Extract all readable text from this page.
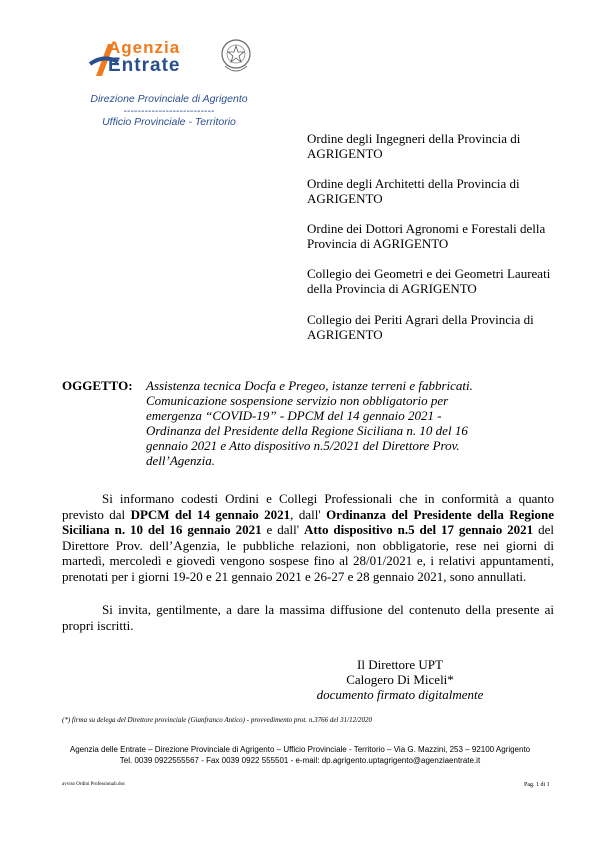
Agenzia
Entrate
Direzione Provinciale di Agrigento
--------------------------
Ufficio Provinciale - Territorio
Ordine degli Ingegneri della Provincia di AGRIGENTO
Ordine degli Architetti della Provincia di AGRIGENTO
Ordine dei Dottori Agronomi e Forestali della Provincia di AGRIGENTO
Collegio dei Geometri e dei Geometri Laureati della Provincia di AGRIGENTO
Collegio dei Periti Agrari della Provincia di AGRIGENTO
OGGETTO: Assistenza tecnica Docfa e Pregeo, istanze terreni e fabbricati. Comunicazione sospensione servizio non obbligatorio per emergenza “COVID-19” - DPCM del 14 gennaio 2021 - Ordinanza del Presidente della Regione Siciliana n. 10 del 16 gennaio 2021 e Atto dispositivo n.5/2021 del Direttore Prov. dell’Agenzia.

Si informano codesti Ordini e Collegi Professionali che in conformità a quanto previsto dal DPCM del 14 gennaio 2021, dall' Ordinanza del Presidente della Regione Siciliana n. 10 del 16 gennaio 2021 e dall' Atto dispositivo n.5 del 17 gennaio 2021 del Direttore Prov. dell’Agenzia, le pubbliche relazioni, non obbligatorie, rese nei giorni di martedì, mercoledì e giovedì vengono sospese fino al 28/01/2021 e, i relativi appuntamenti, prenotati per i giorni 19-20 e 21 gennaio 2021 e 26-27 e 28 gennaio 2021, sono annullati.

Si invita, gentilmente, a dare la massima diffusione del contenuto della presente ai propri iscritti.

Il Direttore UPT
Calogero Di Miceli*
documento firmato digitalmente
(*) firma su delega del Direttore provinciale (Gianfranco Antico) - provvedimento prot. n.3766 del 31/12/2020
Agenzia delle Entrate – Direzione Provinciale di Agrigento – Ufficio Provinciale - Territorio – Via G. Mazzini, 253 – 92100 Agrigento
Tel. 0039 0922555567 - Fax 0039 0922 555501 - e-mail: dp.agrigento.uptagrigento@agenziaentrate.it
avviso Ordini Professionali.doc	Pag. 1 di 1
